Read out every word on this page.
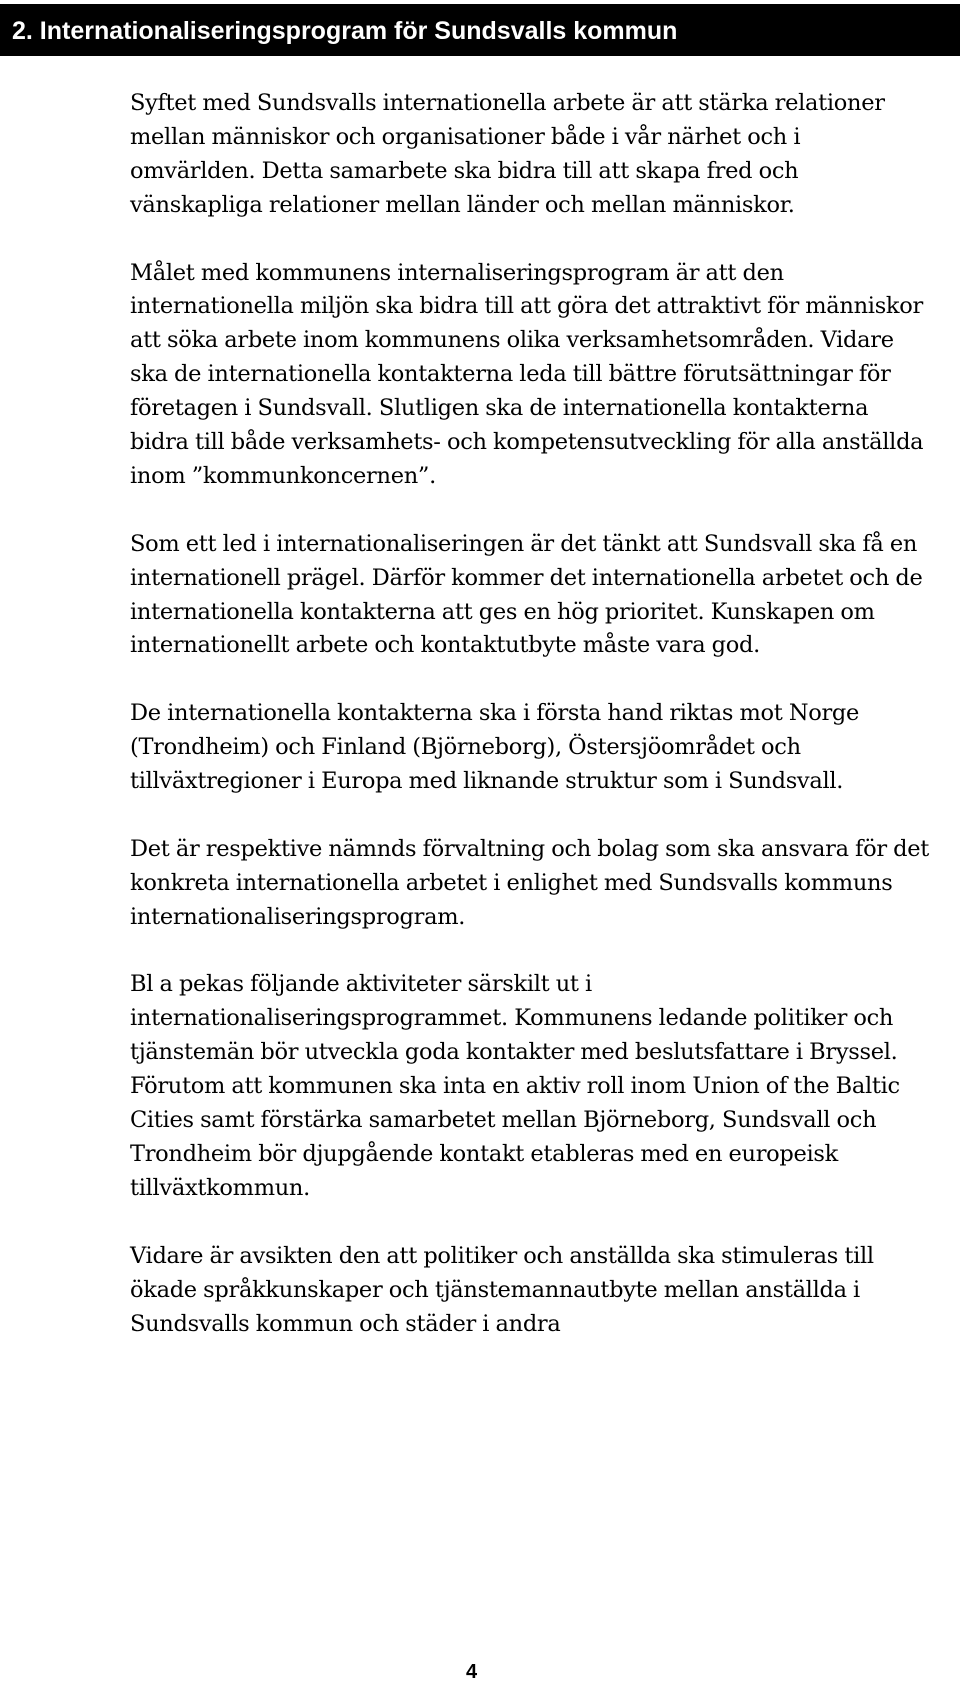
2. Internationaliseringsprogram för Sundsvalls kommun

Syftet med Sundsvalls internationella arbete är att stärka relationer mellan människor och organisationer både i vår närhet och i omvärlden. Detta samarbete ska bidra till att skapa fred och vänskapliga relationer mellan länder och mellan människor.

Målet med kommunens internaliseringsprogram är att den internationella miljön ska bidra till att göra det attraktivt för människor att söka arbete inom kommunens olika verksamhetsområden. Vidare ska de internationella kontakterna leda till bättre förutsättningar för företagen i Sundsvall. Slutligen ska de internationella kontakterna bidra till både verksamhets- och kompetensutveckling för alla anställda inom ”kommunkoncernen”.

Som ett led i internationaliseringen är det tänkt att Sundsvall ska få en internationell prägel. Därför kommer det internationella arbetet och de internationella kontakterna att ges en hög prioritet. Kunskapen om internationellt arbete och kontaktutbyte måste vara god.

De internationella kontakterna ska i första hand riktas mot Norge (Trondheim) och Finland (Björneborg), Östersjöområdet och tillväxtregioner i Europa med liknande struktur som i Sundsvall.

Det är respektive nämnds förvaltning och bolag som ska ansvara för det konkreta internationella arbetet i enlighet med Sundsvalls kommuns internationaliseringsprogram.

Bl a pekas följande aktiviteter särskilt ut i internationaliseringsprogrammet. Kommunens ledande politiker och tjänstemän bör utveckla goda kontakter med beslutsfattare i Bryssel. Förutom att kommunen ska inta en aktiv roll inom Union of the Baltic Cities samt förstärka samarbetet mellan Björneborg, Sundsvall och Trondheim bör djupgående kontakt etableras med en europeisk tillväxtkommun.

Vidare är avsikten den att politiker och anställda ska stimuleras till ökade språkkunskaper och tjänstemannautbyte mellan anställda i Sundsvalls kommun och städer i andra

4
